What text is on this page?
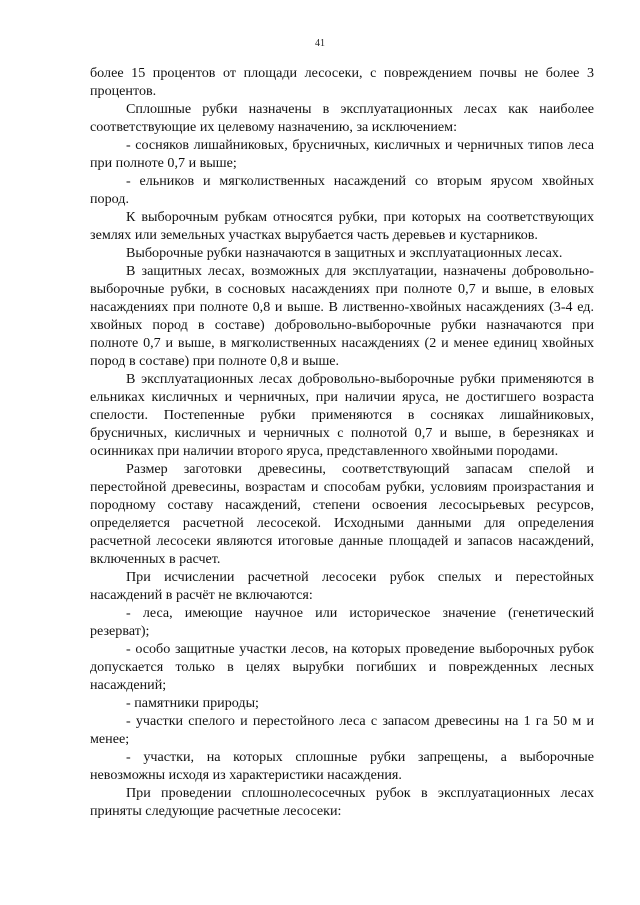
41

более 15 процентов от площади лесосеки, с повреждением почвы не более 3 процентов.

Сплошные рубки назначены в эксплуатационных лесах как наиболее соответствующие их целевому назначению, за исключением:

- сосняков лишайниковых, брусничных, кисличных и черничных типов леса при полноте 0,7 и выше;

- ельников и мягколиственных насаждений со вторым ярусом хвойных пород.

К выборочным рубкам относятся рубки, при которых на соответствующих землях или земельных участках вырубается часть деревьев и кустарников.

Выборочные рубки назначаются в защитных и эксплуатационных лесах.

В защитных лесах, возможных для эксплуатации, назначены добровольно-выборочные рубки, в сосновых насаждениях при полноте 0,7 и выше, в еловых насаждениях при полноте 0,8 и выше. В лиственно-хвойных насаждениях (3-4 ед. хвойных пород в составе) добровольно-выборочные рубки назначаются при полноте 0,7 и выше, в мягколиственных насаждениях (2 и менее единиц хвойных пород в составе) при полноте 0,8 и выше.

В эксплуатационных лесах добровольно-выборочные рубки применяются в ельниках кисличных и черничных, при наличии яруса, не достигшего возраста спелости. Постепенные рубки применяются в сосняках лишайниковых, брусничных, кисличных и черничных с полнотой 0,7 и выше, в березняках и осинниках при наличии второго яруса, представленного хвойными породами.

Размер заготовки древесины, соответствующий запасам спелой и перестойной древесины, возрастам и способам рубки, условиям произрастания и породному составу насаждений, степени освоения лесосырьевых ресурсов, определяется расчетной лесосекой. Исходными данными для определения расчетной лесосеки являются итоговые данные площадей и запасов насаждений, включенных в расчет.

При исчислении расчетной лесосеки рубок спелых и перестойных насаждений в расчёт не включаются:

- леса, имеющие научное или историческое значение (генетический резерват);

- особо защитные участки лесов, на которых проведение выборочных рубок допускается только в целях вырубки погибших и поврежденных лесных насаждений;

- памятники природы;

- участки спелого и перестойного леса с запасом древесины на 1 га 50 м и менее;

- участки, на которых сплошные рубки запрещены, а выборочные невозможны исходя из характеристики насаждения.

При проведении сплошнолесосечных рубок в эксплуатационных лесах приняты следующие расчетные лесосеки:
